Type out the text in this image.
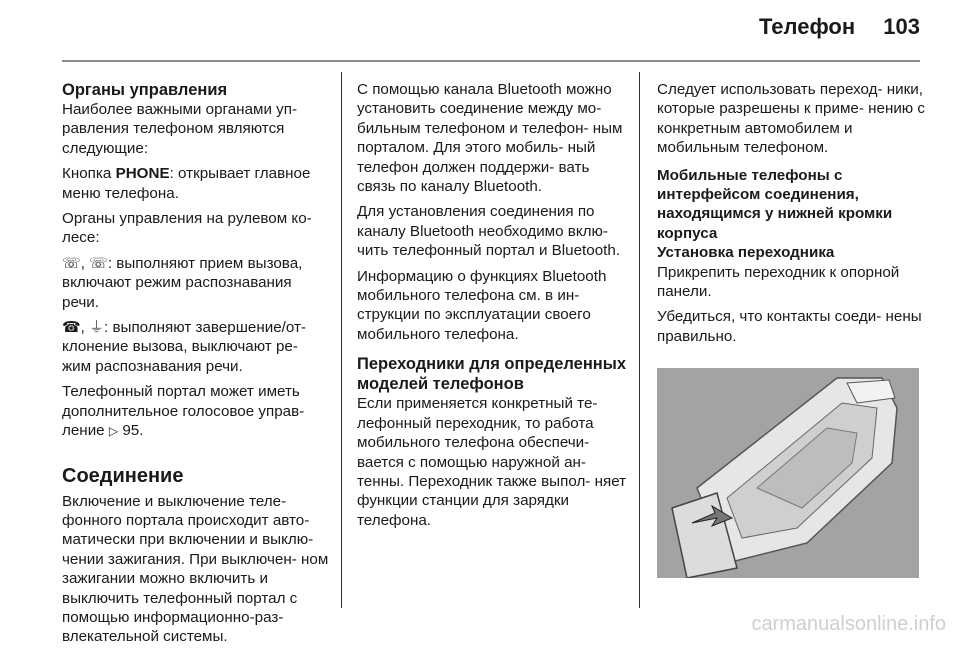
Телефон 103
Органы управления

Наиболее важными органами уп- равления телефоном являются следующие:

Кнопка PHONE: открывает главное меню телефона.

Органы управления на рулевом ко- лесе:

☏, ☏: выполняют прием вызова, включают режим распознавания речи.

☎, ⏚: выполняют завершение/от- клонение вызова, выключают ре- жим распознавания речи.

Телефонный портал может иметь дополнительное голосовое управ- ление ▷ 95.

Соединение

Включение и выключение теле- фонного портала происходит авто- матически при включении и выклю- чении зажигания. При выключен- ном зажигании можно включить и выключить телефонный портал с помощью информационно-раз- влекательной системы.

С помощью канала Bluetooth можно установить соединение между мо- бильным телефоном и телефон- ным порталом. Для этого мобиль- ный телефон должен поддержи- вать связь по каналу Bluetooth.

Для установления соединения по каналу Bluetooth необходимо вклю- чить телефонный портал и Bluetooth.

Информацию о функциях Bluetooth мобильного телефона см. в ин- струкции по эксплуатации своего мобильного телефона.

Переходники для определенных моделей телефонов

Если применяется конкретный те- лефонный переходник, то работа мобильного телефона обеспечи- вается с помощью наружной ан- тенны. Переходник также выпол- няет функции станции для зарядки телефона.

Следует использовать переход- ники, которые разрешены к приме- нению с конкретным автомобилем и мобильным телефоном.

Мобильные телефоны с интерфейсом соединения, находящимся у нижней кромки корпуса
Установка переходника

Прикрепить переходник к опорной панели.

Убедиться, что контакты соеди- нены правильно.

carmanualsonline.info
